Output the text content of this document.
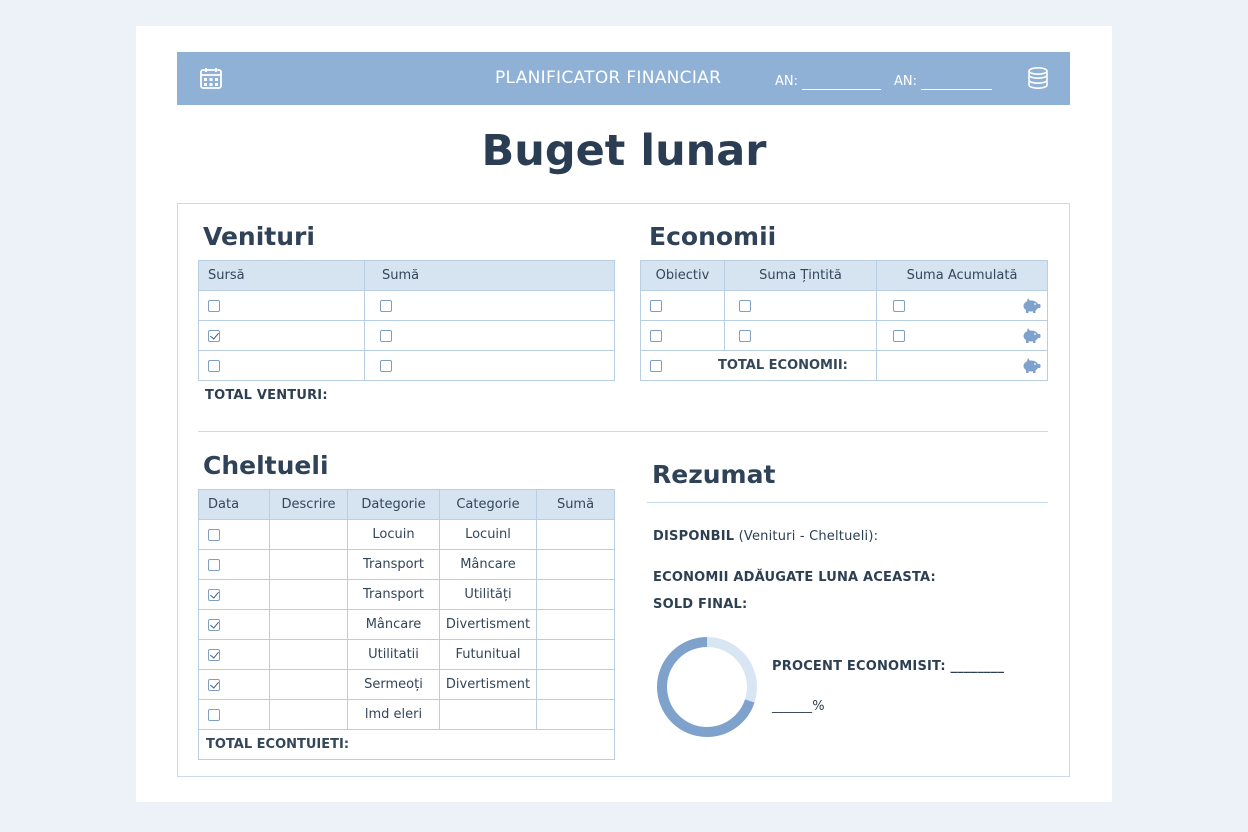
PLANIFICATOR FINANCIAR	AN:	AN:
Buget lunar
Venituri
Sursă	Sumă

TOTAL VENTURI:
Economii
Obiectiv	Suma Țintită	Suma Acumulată

TOTAL ECONOMII:

Cheltueli
Data	Descrire	Dategorie	Categorie	Sumă
		Locuin	Locuinl	
		Transport	Mâncare	
		Transport	Utilități	
		Mâncare	Divertisment	
		Utilitatii	Futunitual	
		Sermeoți	Divertisment	
		lmd eleri		
TOTAL ECONTUIETI:				
Rezumat
DISPONBIL (Venituri - Cheltueli):
ECONOMII ADĂUGATE LUNA ACEASTA:
SOLD FINAL:
PROCENT ECONOMISIT: ________
______%
